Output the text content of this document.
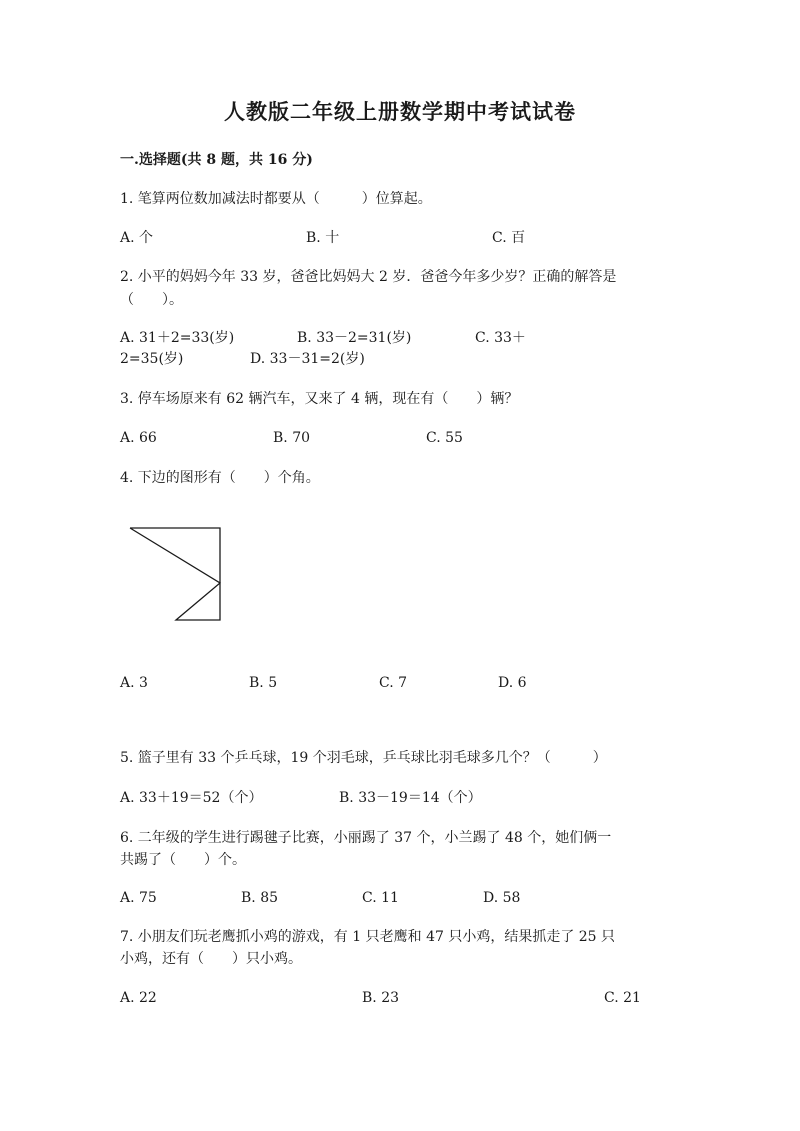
人教版二年级上册数学期中考试试卷
一.选择题(共 8 题，共 16 分)
1. 笔算两位数加减法时都要从（　　　）位算起。
A. 个	B. 十	C. 百
2. 小平的妈妈今年 33 岁，爸爸比妈妈大 2 岁．爸爸今年多少岁？正确的解答是
（　　）。
A. 31＋2=33(岁)	B. 33－2=31(岁)	C. 33＋
2=35(岁)	D. 33－31=2(岁)
3. 停车场原来有 62 辆汽车，又来了 4 辆，现在有（　　）辆？
A. 66	B. 70	C. 55
4. 下边的图形有（　　）个角。
A. 3	B. 5	C. 7	D. 6
5. 篮子里有 33 个乒乓球，19 个羽毛球，乒乓球比羽毛球多几个？（　　　）
A. 33＋19＝52（个）	B. 33－19＝14（个）
6. 二年级的学生进行踢毽子比赛，小丽踢了 37 个，小兰踢了 48 个，她们俩一
共踢了（　　）个。
A. 75	B. 85	C. 11	D. 58
7. 小朋友们玩老鹰抓小鸡的游戏，有 1 只老鹰和 47 只小鸡，结果抓走了 25 只
小鸡，还有（　　）只小鸡。
A. 22	B. 23	C. 21
